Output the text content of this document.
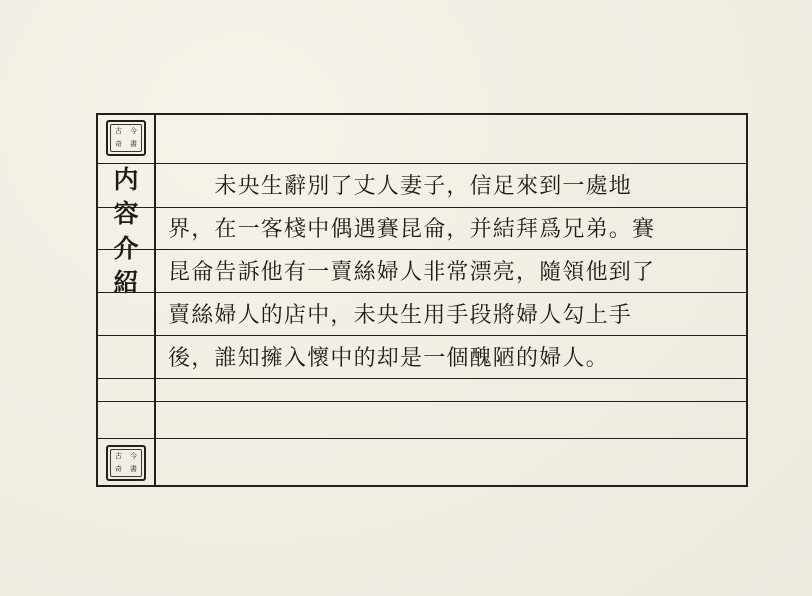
古	今
奇	書
内
容
介
紹
古	今
奇	書
　　未央生辭別了丈人妻子，信足來到一處地
界，在一客棧中偶遇賽昆侖，并結拜爲兄弟。賽
昆侖告訴他有一賣絲婦人非常漂亮，隨領他到了
賣絲婦人的店中，未央生用手段將婦人勾上手
後，誰知擁入懷中的却是一個醜陋的婦人。
